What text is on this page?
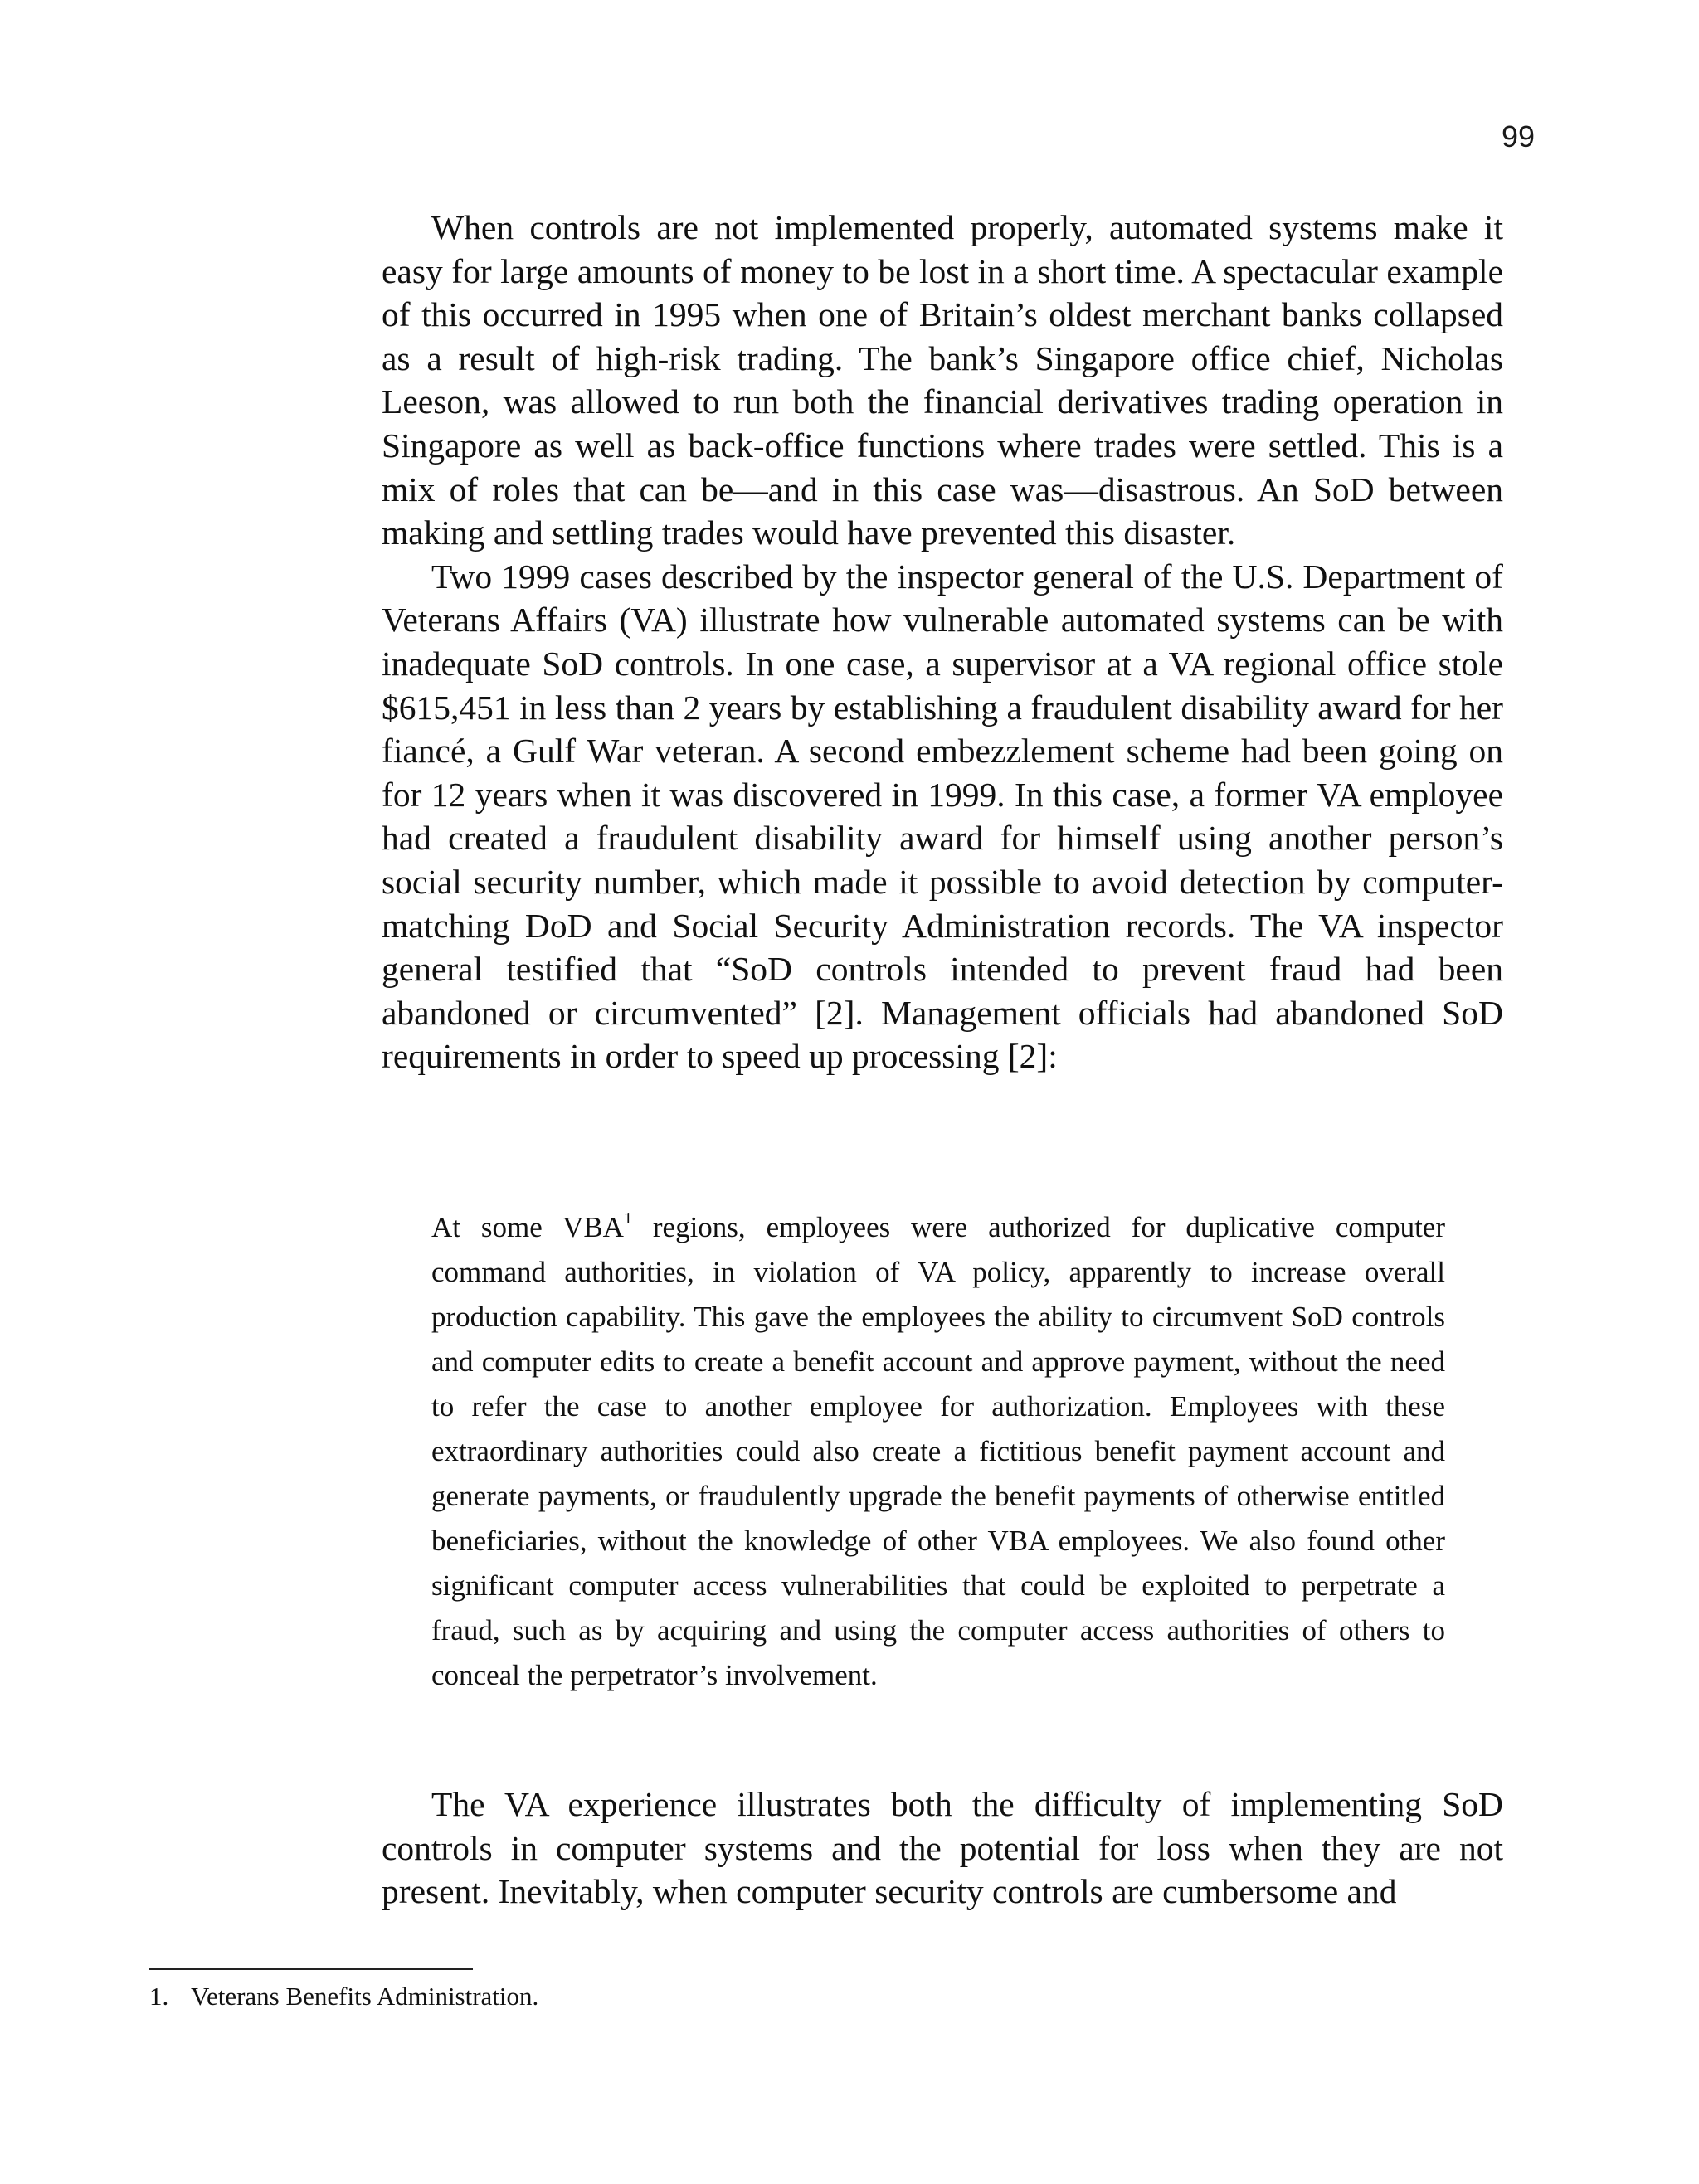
99

When controls are not implemented properly, automated systems make it easy for large amounts of money to be lost in a short time. A spectacular example of this occurred in 1995 when one of Britain’s oldest merchant banks collapsed as a result of high-risk trading. The bank’s Singapore office chief, Nicholas Leeson, was allowed to run both the financial derivatives trading operation in Singapore as well as back-office functions where trades were settled. This is a mix of roles that can be—and in this case was—disastrous. An SoD between making and settling trades would have prevented this disaster.

Two 1999 cases described by the inspector general of the U.S. Department of Veterans Affairs (VA) illustrate how vulnerable automated systems can be with inadequate SoD controls. In one case, a supervisor at a VA regional office stole $615,451 in less than 2 years by establishing a fraudulent disability award for her fiancé, a Gulf War veteran. A second embezzlement scheme had been going on for 12 years when it was discovered in 1999. In this case, a former VA employee had created a fraudulent disability award for himself using another person’s social security number, which made it possible to avoid detection by computer-matching DoD and Social Security Administration records. The VA inspector general testified that “SoD controls intended to prevent fraud had been abandoned or circumvented” [2]. Management officials had abandoned SoD requirements in order to speed up processing [2]:

At some VBA$^1$ regions, employees were authorized for duplicative computer command authorities, in violation of VA policy, apparently to increase overall production capability. This gave the employees the ability to circumvent SoD controls and computer edits to create a benefit account and approve payment, without the need to refer the case to another employee for authorization. Employees with these extraordinary authorities could also create a fictitious benefit payment account and generate payments, or fraudulently upgrade the benefit payments of otherwise entitled beneficiaries, without the knowledge of other VBA employees. We also found other significant computer access vulnerabilities that could be exploited to perpetrate a fraud, such as by acquiring and using the computer access authorities of others to conceal the perpetrator’s involvement.

The VA experience illustrates both the difficulty of implementing SoD controls in computer systems and the potential for loss when they are not present. Inevitably, when computer security controls are cumbersome and

1. Veterans Benefits Administration.
